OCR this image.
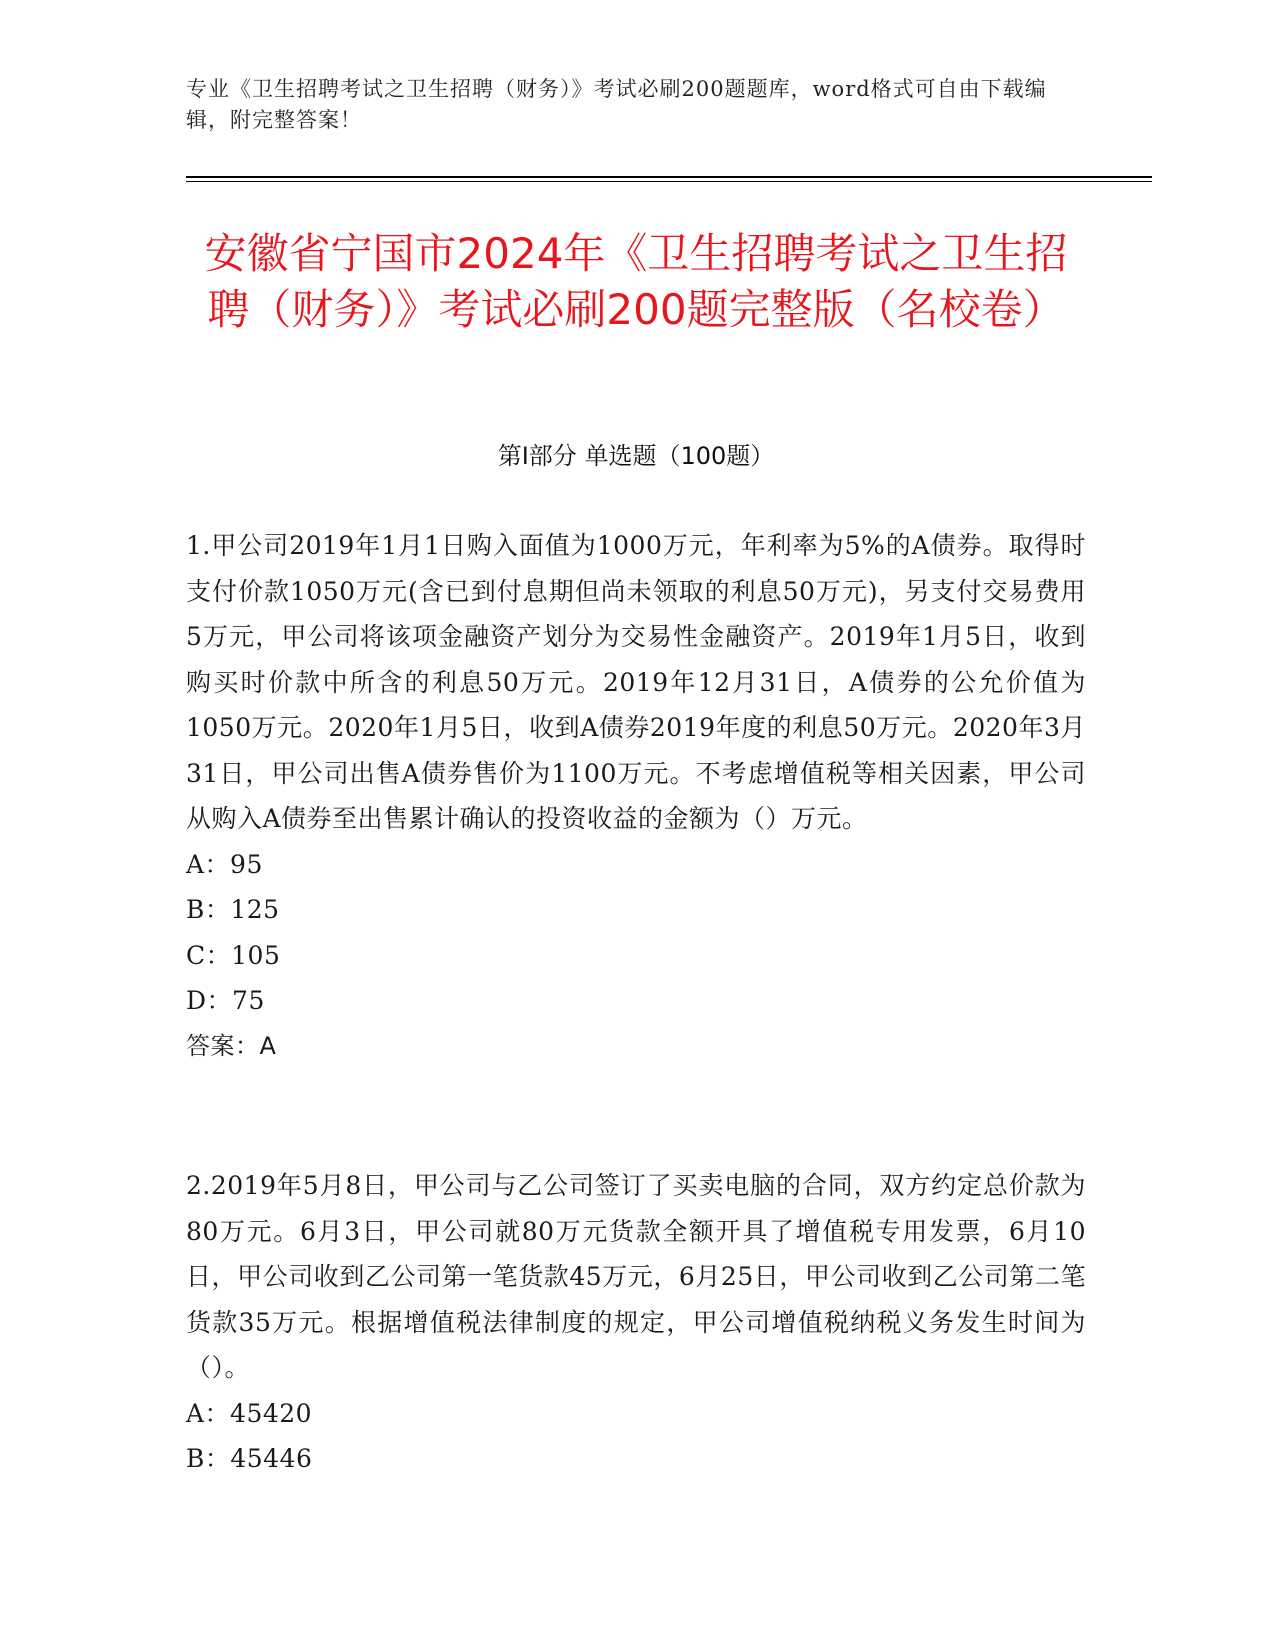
专业《卫生招聘考试之卫生招聘（财务）》考试必刷200题题库，word格式可自由下载编辑，附完整答案！
安徽省宁国市2024年《卫生招聘考试之卫生招聘（财务）》考试必刷200题完整版（名校卷）
第I部分 单选题（100题）

1.甲公司2019年1月1日购入面值为1000万元，年利率为5%的A债券。取得时支付价款1050万元(含已到付息期但尚未领取的利息50万元)，另支付交易费用5万元，甲公司将该项金融资产划分为交易性金融资产。2019年1月5日，收到购买时价款中所含的利息50万元。2019年12月31日，A债券的公允价值为1050万元。2020年1月5日，收到A债券2019年度的利息50万元。2020年3月31日，甲公司出售A债券售价为1100万元。不考虑增值税等相关因素，甲公司从购入A债券至出售累计确认的投资收益的金额为（）万元。

A：95

B：125

C：105

D：75

答案：A

2.2019年5月8日，甲公司与乙公司签订了买卖电脑的合同，双方约定总价款为80万元。6月3日，甲公司就80万元货款全额开具了增值税专用发票，6月10日，甲公司收到乙公司第一笔货款45万元，6月25日，甲公司收到乙公司第二笔货款35万元。根据增值税法律制度的规定，甲公司增值税纳税义务发生时间为（）。

A：45420

B：45446
